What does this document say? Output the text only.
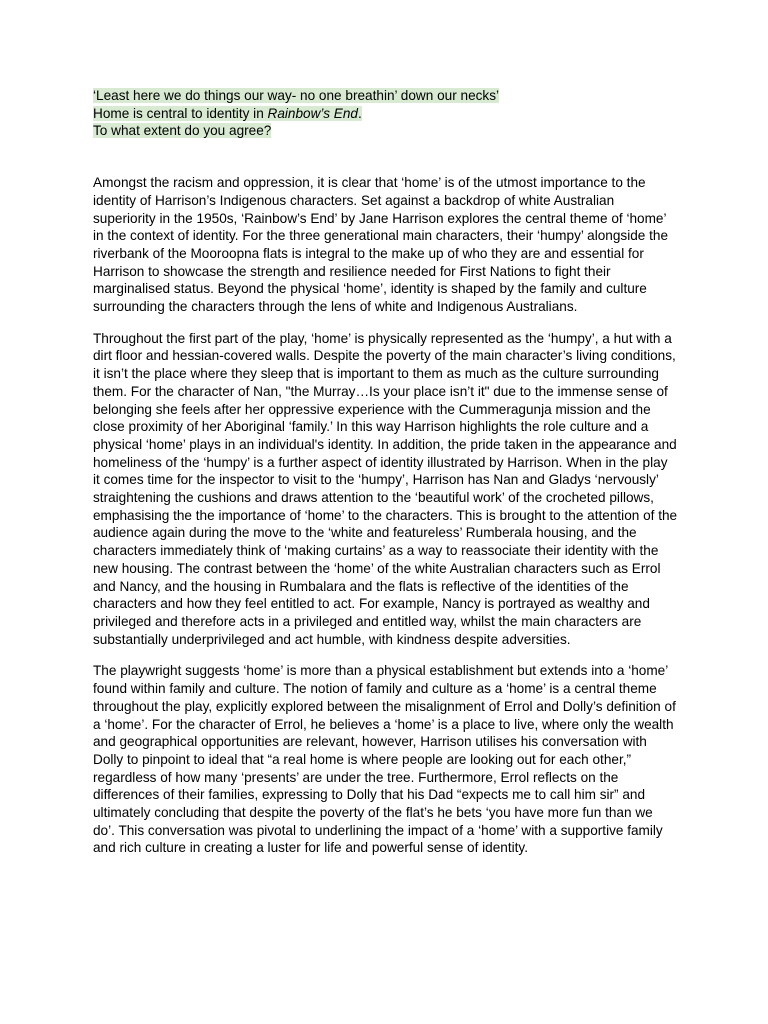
‘Least here we do things our way- no one breathin’ down our necks’
Home is central to identity in Rainbow’s End.
To what extent do you agree?

Amongst the racism and oppression, it is clear that ‘home’ is of the utmost importance to the identity of Harrison’s Indigenous characters. Set against a backdrop of white Australian superiority in the 1950s, ‘Rainbow’s End’ by Jane Harrison explores the central theme of ‘home’ in the context of identity. For the three generational main characters, their ‘humpy’ alongside the riverbank of the Mooroopna flats is integral to the make up of who they are and essential for Harrison to showcase the strength and resilience needed for First Nations to fight their marginalised status. Beyond the physical ‘home’, identity is shaped by the family and culture surrounding the characters through the lens of white and Indigenous Australians.

Throughout the first part of the play, ‘home’ is physically represented as the ‘humpy’, a hut with a dirt floor and hessian-covered walls. Despite the poverty of the main character’s living conditions, it isn’t the place where they sleep that is important to them as much as the culture surrounding them. For the character of Nan, "the Murray…Is your place isn’t it" due to the immense sense of belonging she feels after her oppressive experience with the Cummeragunja mission and the close proximity of her Aboriginal ‘family.’ In this way Harrison highlights the role culture and a physical ‘home’ plays in an individual's identity. In addition, the pride taken in the appearance and homeliness of the ‘humpy’ is a further aspect of identity illustrated by Harrison. When in the play it comes time for the inspector to visit to the ‘humpy’, Harrison has Nan and Gladys ‘nervously’ straightening the cushions and draws attention to the ‘beautiful work’ of the crocheted pillows, emphasising the the importance of ‘home’ to the characters. This is brought to the attention of the audience again during the move to the ‘white and featureless’ Rumberala housing, and the characters immediately think of ‘making curtains’ as a way to reassociate their identity with the new housing. The contrast between the ‘home’ of the white Australian characters such as Errol and Nancy, and the housing in Rumbalara and the flats is reflective of the identities of the characters and how they feel entitled to act. For example, Nancy is portrayed as wealthy and privileged and therefore acts in a privileged and entitled way, whilst the main characters are substantially underprivileged and act humble, with kindness despite adversities.

The playwright suggests ‘home’ is more than a physical establishment but extends into a ‘home’ found within family and culture. The notion of family and culture as a ‘home’ is a central theme throughout the play, explicitly explored between the misalignment of Errol and Dolly’s definition of a ‘home’. For the character of Errol, he believes a ‘home’ is a place to live, where only the wealth and geographical opportunities are relevant, however, Harrison utilises his conversation with Dolly to pinpoint to ideal that “a real home is where people are looking out for each other,” regardless of how many ‘presents’ are under the tree. Furthermore, Errol reflects on the differences of their families, expressing to Dolly that his Dad “expects me to call him sir” and ultimately concluding that despite the poverty of the flat’s he bets ‘you have more fun than we do’. This conversation was pivotal to underlining the impact of a ‘home’ with a supportive family and rich culture in creating a luster for life and powerful sense of identity.
